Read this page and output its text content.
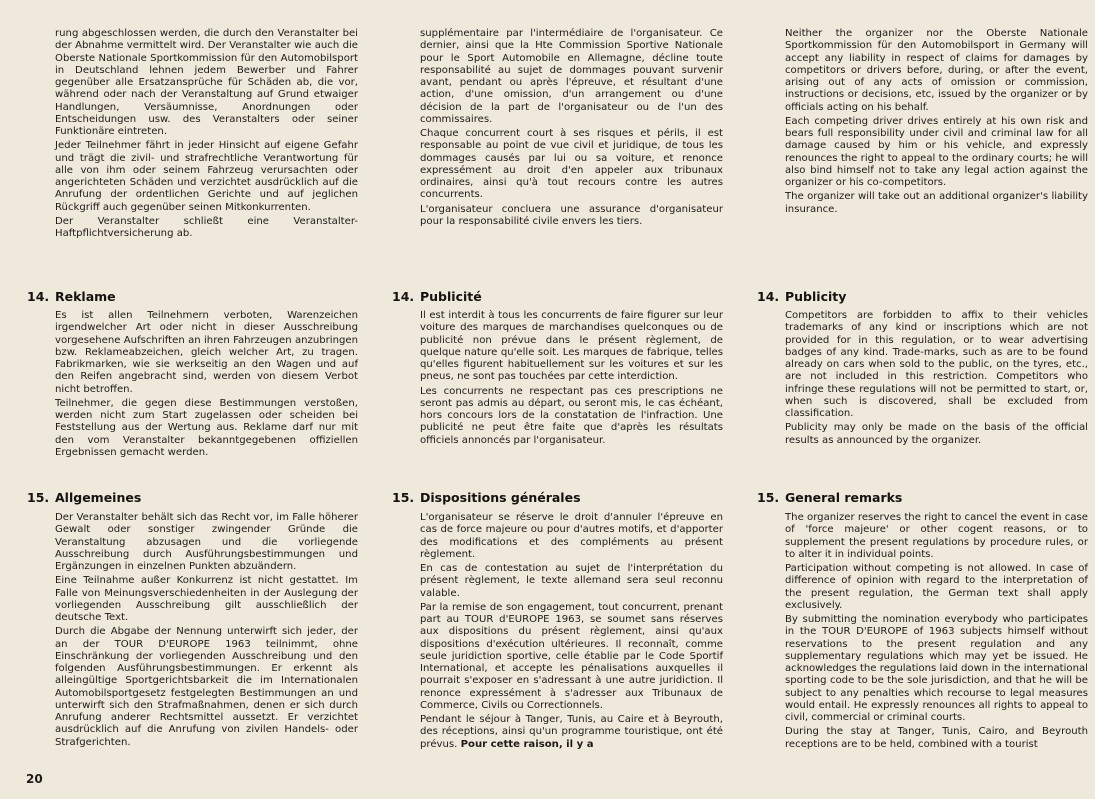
rung abgeschlossen werden, die durch den Veranstalter bei der Abnahme vermittelt wird. Der Veranstalter wie auch die Oberste Nationale Sportkommission für den Automobilsport in Deutschland lehnen jedem Bewerber und Fahrer gegenüber alle Ersatzansprüche für Schäden ab, die vor, während oder nach der Veranstaltung auf Grund etwaiger Handlungen, Versäumnisse, Anordnungen oder Entscheidungen usw. des Veranstalters oder seiner Funktionäre eintreten.

Jeder Teilnehmer fährt in jeder Hinsicht auf eigene Gefahr und trägt die zivil- und strafrechtliche Verantwortung für alle von ihm oder seinem Fahrzeug verursachten oder angerichteten Schäden und verzichtet ausdrücklich auf die Anrufung der ordentlichen Gerichte und auf jeglichen Rückgriff auch gegenüber seinen Mitkonkurrenten.

Der Veranstalter schließt eine Veranstalter-Haftpflichtversicherung ab.

14. Reklame

Es ist allen Teilnehmern verboten, Warenzeichen irgendwelcher Art oder nicht in dieser Ausschreibung vorgesehene Aufschriften an ihren Fahrzeugen anzubringen bzw. Reklameabzeichen, gleich welcher Art, zu tragen. Fabrikmarken, wie sie werkseitig an den Wagen und auf den Reifen angebracht sind, werden von diesem Verbot nicht betroffen.

Teilnehmer, die gegen diese Bestimmungen verstoßen, werden nicht zum Start zugelassen oder scheiden bei Feststellung aus der Wertung aus. Reklame darf nur mit den vom Veranstalter bekanntgegebenen offiziellen Ergebnissen gemacht werden.

15. Allgemeines

Der Veranstalter behält sich das Recht vor, im Falle höherer Gewalt oder sonstiger zwingender Gründe die Veranstaltung abzusagen und die vorliegende Ausschreibung durch Ausführungsbestimmungen und Ergänzungen in einzelnen Punkten abzuändern.

Eine Teilnahme außer Konkurrenz ist nicht gestattet. Im Falle von Meinungsverschiedenheiten in der Auslegung der vorliegenden Ausschreibung gilt ausschließlich der deutsche Text.

Durch die Abgabe der Nennung unterwirft sich jeder, der an der TOUR D'EUROPE 1963 teilnimmt, ohne Einschränkung der vorliegenden Ausschreibung und den folgenden Ausführungsbestimmungen. Er erkennt als alleingültige Sportgerichtsbarkeit die im Internationalen Automobilsportgesetz festgelegten Bestimmungen an und unterwirft sich den Strafmaßnahmen, denen er sich durch Anrufung anderer Rechtsmittel aussetzt. Er verzichtet ausdrücklich auf die Anrufung von zivilen Handels- oder Strafgerichten.

supplémentaire par l'intermédiaire de l'organisateur. Ce dernier, ainsi que la Hte Commission Sportive Nationale pour le Sport Automobile en Allemagne, décline toute responsabilité au sujet de dommages pouvant survenir avant, pendant ou après l'épreuve, et résultant d'une action, d'une omission, d'un arrangement ou d'une décision de la part de l'organisateur ou de l'un des commissaires.

Chaque concurrent court à ses risques et périls, il est responsable au point de vue civil et juridique, de tous les dommages causés par lui ou sa voiture, et renonce expressément au droit d'en appeler aux tribunaux ordinaires, ainsi qu'à tout recours contre les autres concurrents.

L'organisateur concluera une assurance d'organisateur pour la responsabilité civile envers les tiers.

14. Publicité

Il est interdit à tous les concurrents de faire figurer sur leur voiture des marques de marchandises quelconques ou de publicité non prévue dans le présent règlement, de quelque nature qu'elle soit. Les marques de fabrique, telles qu'elles figurent habituellement sur les voitures et sur les pneus, ne sont pas touchées par cette interdiction.

Les concurrents ne respectant pas ces prescriptions ne seront pas admis au départ, ou seront mis, le cas échéant, hors concours lors de la constatation de l'infraction. Une publicité ne peut être faite que d'après les résultats officiels annoncés par l'organisateur.

15. Dispositions générales

L'organisateur se réserve le droit d'annuler l'épreuve en cas de force majeure ou pour d'autres motifs, et d'apporter des modifications et des compléments au présent règlement.

En cas de contestation au sujet de l'interprétation du présent règlement, le texte allemand sera seul reconnu valable.

Par la remise de son engagement, tout concurrent, prenant part au TOUR d'EUROPE 1963, se soumet sans réserves aux dispositions du présent règlement, ainsi qu'aux dispositions d'exécution ultérieures. Il reconnaît, comme seule juridiction sportive, celle établie par le Code Sportif International, et accepte les pénalisations auxquelles il pourrait s'exposer en s'adressant à une autre juridiction. Il renonce expressément à s'adresser aux Tribunaux de Commerce, Civils ou Correctionnels.

Pendant le séjour à Tanger, Tunis, au Caire et à Beyrouth, des réceptions, ainsi qu'un programme touristique, ont été prévus. Pour cette raison, il y a

Neither the organizer nor the Oberste Nationale Sportkommission für den Automobilsport in Germany will accept any liability in respect of claims for damages by competitors or drivers before, during, or after the event, arising out of any acts of omission or commission, instructions or decisions, etc, issued by the organizer or by officials acting on his behalf.

Each competing driver drives entirely at his own risk and bears full responsibility under civil and criminal law for all damage caused by him or his vehicle, and expressly renounces the right to appeal to the ordinary courts; he will also bind himself not to take any legal action against the organizer or his co-competitors.

The organizer will take out an additional organizer's liability insurance.

14. Publicity

Competitors are forbidden to affix to their vehicles trademarks of any kind or inscriptions which are not provided for in this regulation, or to wear advertising badges of any kind. Trade-marks, such as are to be found already on cars when sold to the public, on the tyres, etc., are not included in this restriction. Competitors who infringe these regulations will not be permitted to start, or, when such is discovered, shall be excluded from classification.

Publicity may only be made on the basis of the official results as announced by the organizer.

15. General remarks

The organizer reserves the right to cancel the event in case of 'force majeure' or other cogent reasons, or to supplement the present regulations by procedure rules, or to alter it in individual points.

Participation without competing is not allowed. In case of difference of opinion with regard to the interpretation of the present regulation, the German text shall apply exclusively.

By submitting the nomination everybody who participates in the TOUR D'EUROPE of 1963 subjects himself without reservations to the present regulation and any supplementary regulations which may yet be issued. He acknowledges the regulations laid down in the international sporting code to be the sole jurisdiction, and that he will be subject to any penalties which recourse to legal measures would entail. He expressly renounces all rights to appeal to civil, commercial or criminal courts.

During the stay at Tanger, Tunis, Cairo, and Beyrouth receptions are to be held, combined with a tourist

20
